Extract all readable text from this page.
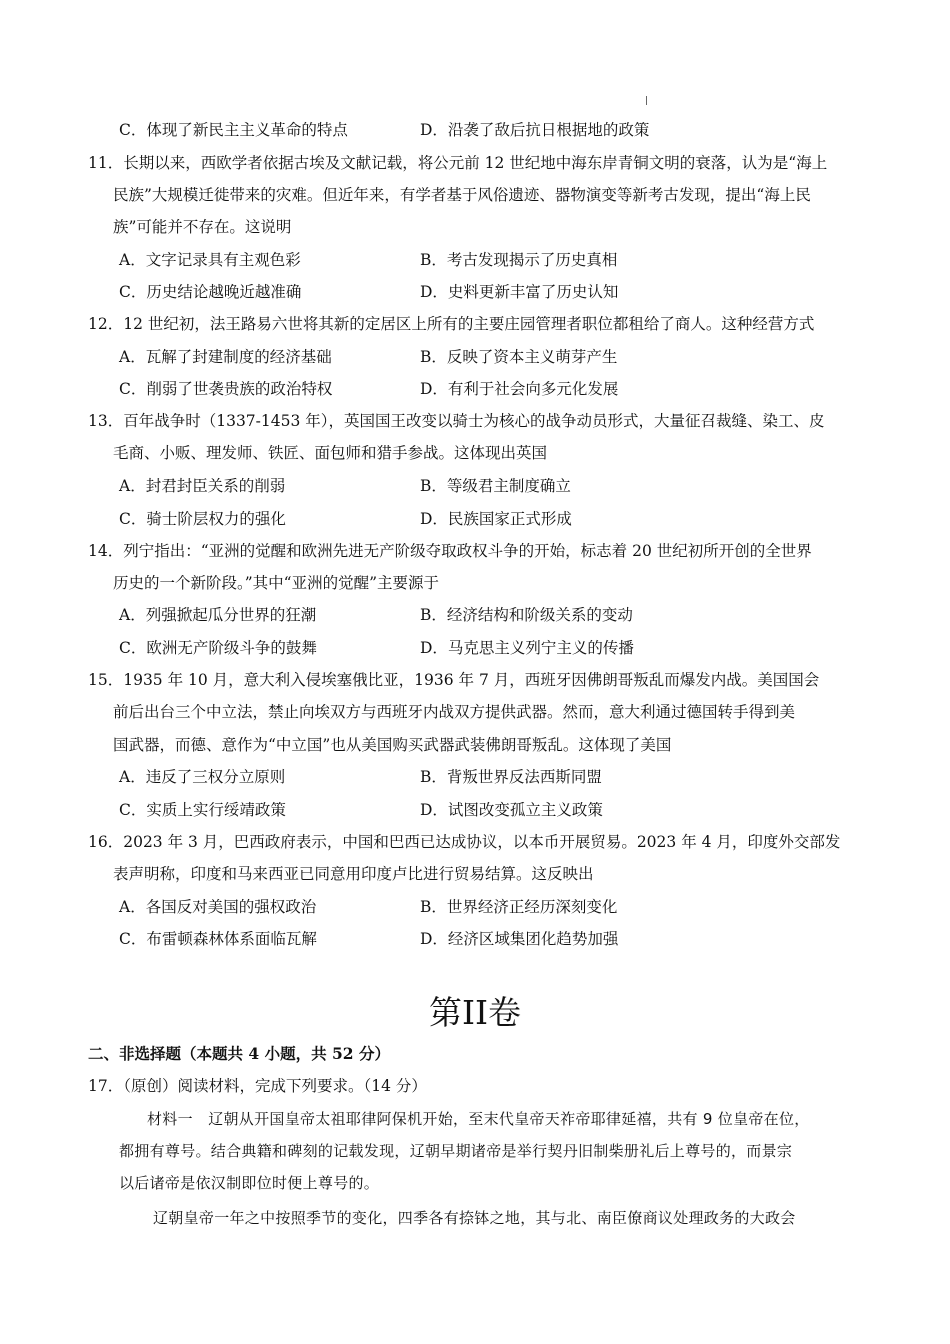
C．体现了新民主主义革命的特点	D．沿袭了敌后抗日根据地的政策
11．长期以来，西欧学者依据古埃及文献记载，将公元前 12 世纪地中海东岸青铜文明的衰落，认为是“海上
民族”大规模迁徙带来的灾难。但近年来，有学者基于风俗遗迹、器物演变等新考古发现，提出“海上民
族”可能并不存在。这说明
A．文字记录具有主观色彩	B．考古发现揭示了历史真相
C．历史结论越晚近越准确	D．史料更新丰富了历史认知
12．12 世纪初，法王路易六世将其新的定居区上所有的主要庄园管理者职位都租给了商人。这种经营方式
A．瓦解了封建制度的经济基础	B．反映了资本主义萌芽产生
C．削弱了世袭贵族的政治特权	D．有利于社会向多元化发展
13．百年战争时（1337-1453 年），英国国王改变以骑士为核心的战争动员形式，大量征召裁缝、染工、皮
毛商、小贩、理发师、铁匠、面包师和猎手参战。这体现出英国
A．封君封臣关系的削弱	B．等级君主制度确立
C．骑士阶层权力的强化	D．民族国家正式形成
14．列宁指出：“亚洲的觉醒和欧洲先进无产阶级夺取政权斗争的开始，标志着 20 世纪初所开创的全世界
历史的一个新阶段。”其中“亚洲的觉醒”主要源于
A．列强掀起瓜分世界的狂潮	B．经济结构和阶级关系的变动
C．欧洲无产阶级斗争的鼓舞	D．马克思主义列宁主义的传播
15．1935 年 10 月，意大利入侵埃塞俄比亚，1936 年 7 月，西班牙因佛朗哥叛乱而爆发内战。美国国会
前后出台三个中立法，禁止向埃双方与西班牙内战双方提供武器。然而，意大利通过德国转手得到美
国武器，而德、意作为“中立国”也从美国购买武器武装佛朗哥叛乱。这体现了美国
A．违反了三权分立原则	B．背叛世界反法西斯同盟
C．实质上实行绥靖政策	D．试图改变孤立主义政策
16．2023 年 3 月，巴西政府表示，中国和巴西已达成协议，以本币开展贸易。2023 年 4 月，印度外交部发
表声明称，印度和马来西亚已同意用印度卢比进行贸易结算。这反映出
A．各国反对美国的强权政治	B．世界经济正经历深刻变化
C．布雷顿森林体系面临瓦解	D．经济区域集团化趋势加强
第II卷
二、非选择题（本题共 4 小题，共 52 分）
17．（原创）阅读材料，完成下列要求。（14 分）
材料一　辽朝从开国皇帝太祖耶律阿保机开始，至末代皇帝天祚帝耶律延禧，共有 9 位皇帝在位，
都拥有尊号。结合典籍和碑刻的记载发现，辽朝早期诸帝是举行契丹旧制柴册礼后上尊号的，而景宗
以后诸帝是依汉制即位时便上尊号的。
辽朝皇帝一年之中按照季节的变化，四季各有捺钵之地，其与北、南臣僚商议处理政务的大政会
